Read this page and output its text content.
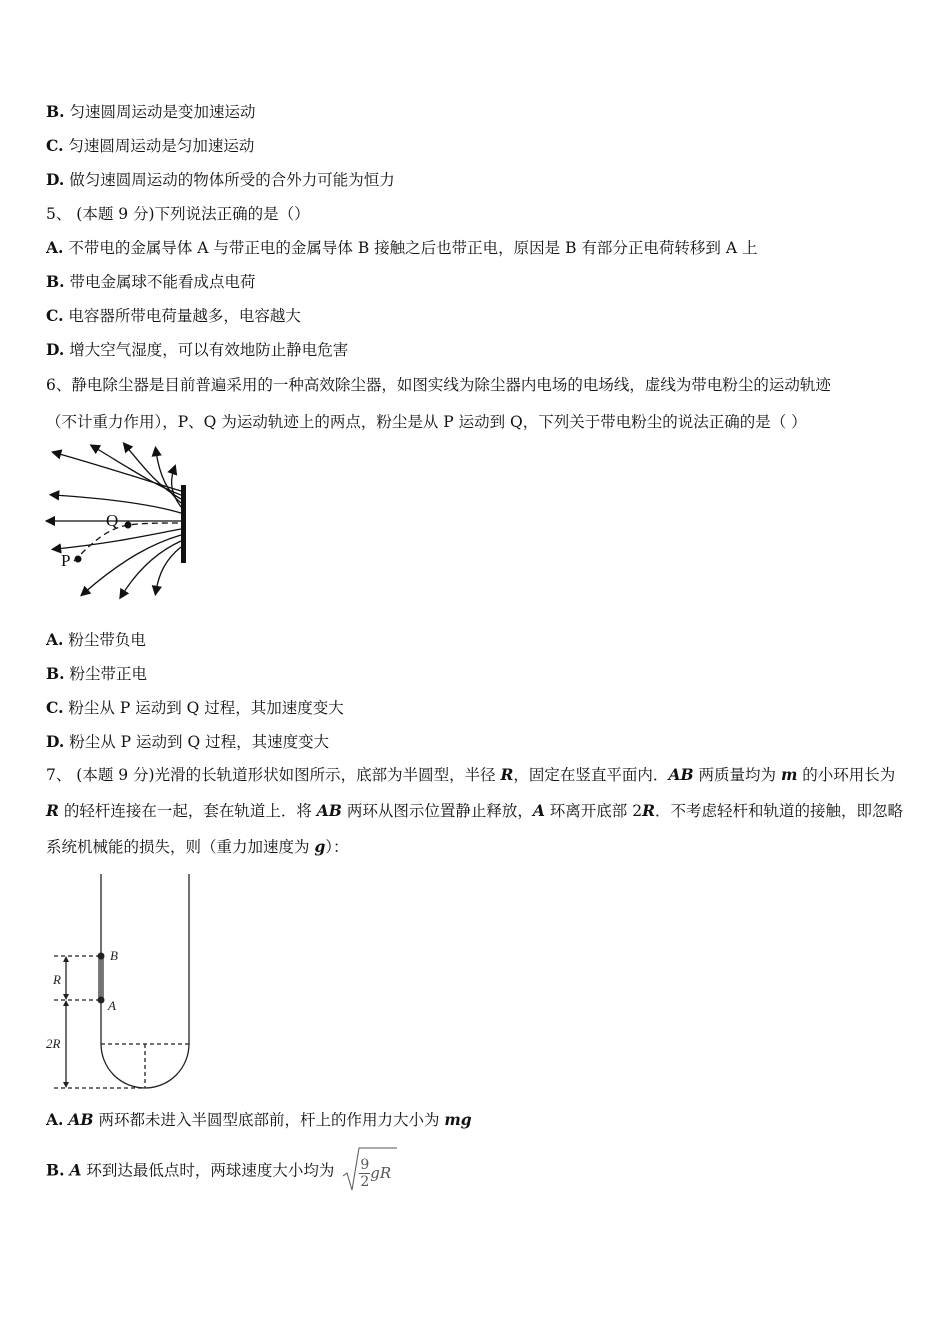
B. 匀速圆周运动是变加速运动
C. 匀速圆周运动是匀加速运动
D. 做匀速圆周运动的物体所受的合外力可能为恒力
5、 (本题 9 分)下列说法正确的是（）
A. 不带电的金属导体 A 与带正电的金属导体 B 接触之后也带正电，原因是 B 有部分正电荷转移到 A 上
B. 带电金属球不能看成点电荷
C. 电容器所带电荷量越多，电容越大
D. 增大空气湿度，可以有效地防止静电危害
6、静电除尘器是目前普遍采用的一种高效除尘器，如图实线为除尘器内电场的电场线，虚线为带电粉尘的运动轨迹
（不计重力作用），P、Q 为运动轨迹上的两点，粉尘是从 P 运动到 Q，下列关于带电粉尘的说法正确的是（ ）
Q
P
A. 粉尘带负电
B. 粉尘带正电
C. 粉尘从 P 运动到 Q 过程，其加速度变大
D. 粉尘从 P 运动到 Q 过程，其速度变大
7、 (本题 9 分)光滑的长轨道形状如图所示，底部为半圆型，半径 R，固定在竖直平面内．AB 两质量均为 m 的小环用长为 R 的轻杆连接在一起，套在轨道上．将 AB 两环从图示位置静止释放，A 环离开底部 2R．不考虑轻杆和轨道的接触，即忽略系统机械能的损失，则（重力加速度为 g）：
B
A
R
2R
A. AB 两环都未进入半圆型底部前，杆上的作用力大小为 mg
B. A 环到达最低点时，两球速度大小均为 $\frac{9}{2}$ gR
